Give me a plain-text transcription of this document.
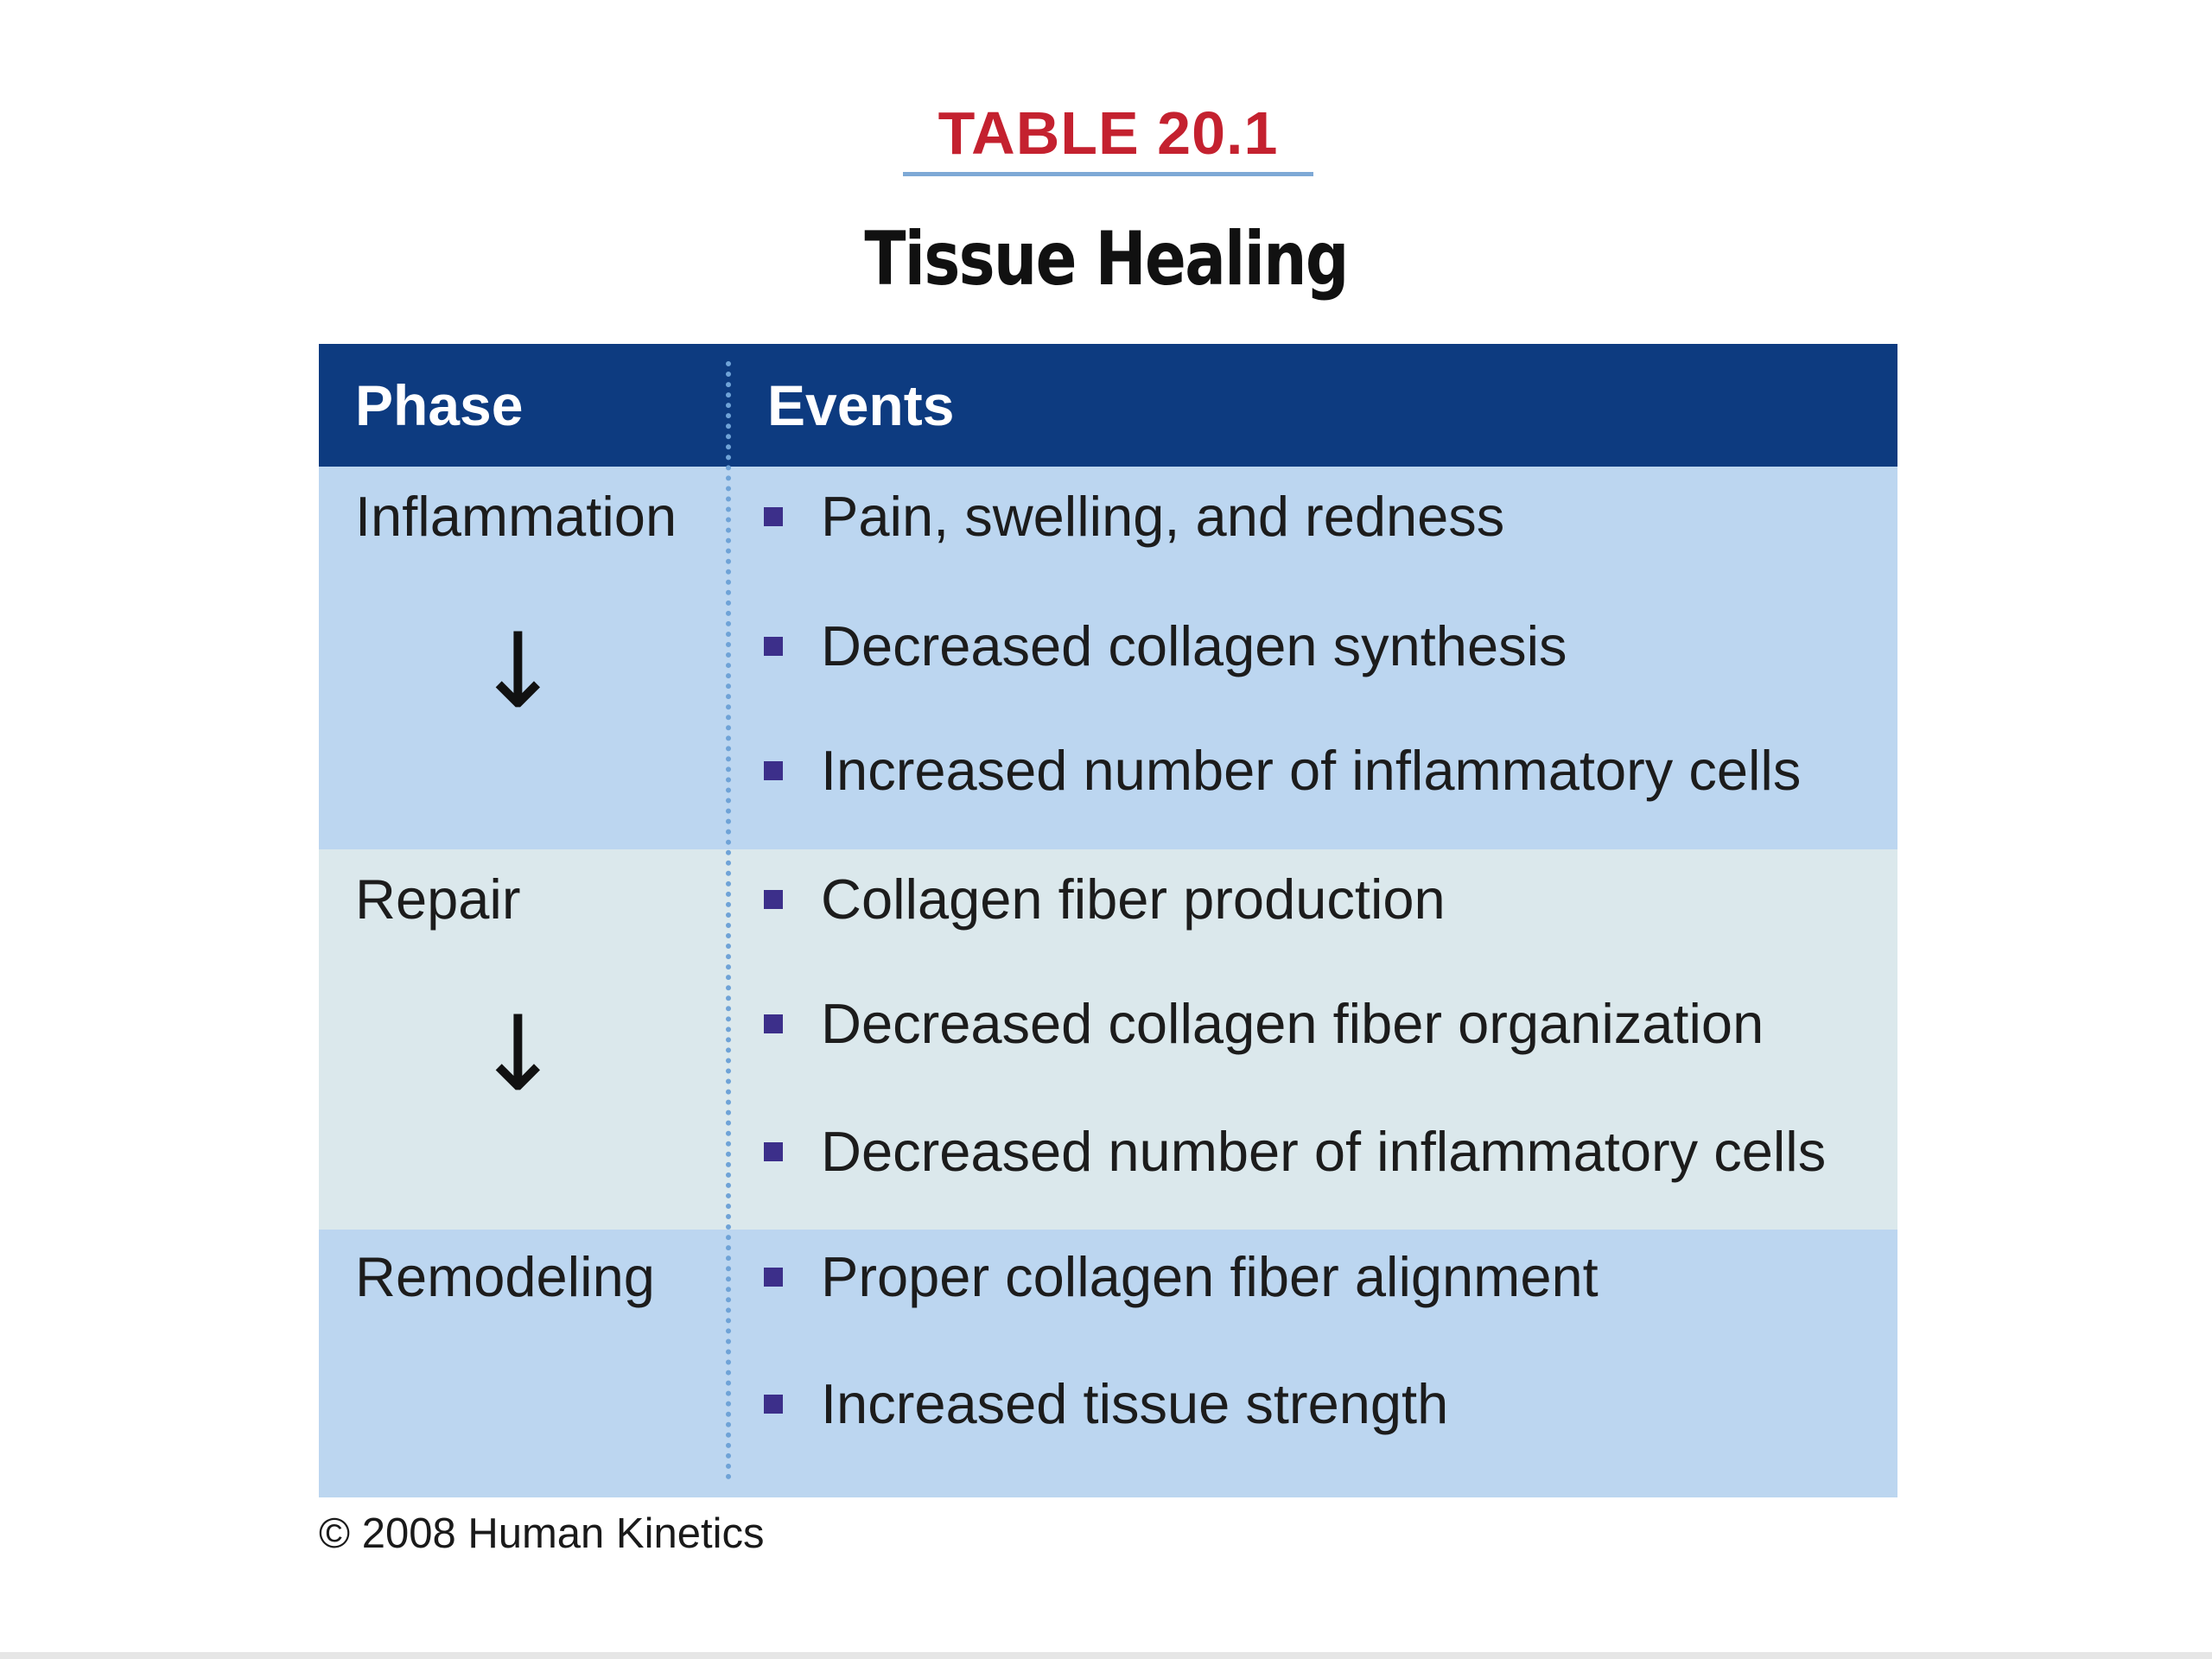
TABLE 20.1
Tissue Healing
Phase	Events
Inflammation
↓
Pain, swelling, and redness
Decreased collagen synthesis
Increased number of inflammatory cells
Repair
↓
Collagen fiber production
Decreased collagen fiber organization
Decreased number of inflammatory cells
Remodeling	Proper collagen fiber alignment
Increased tissue strength
© 2008 Human Kinetics
